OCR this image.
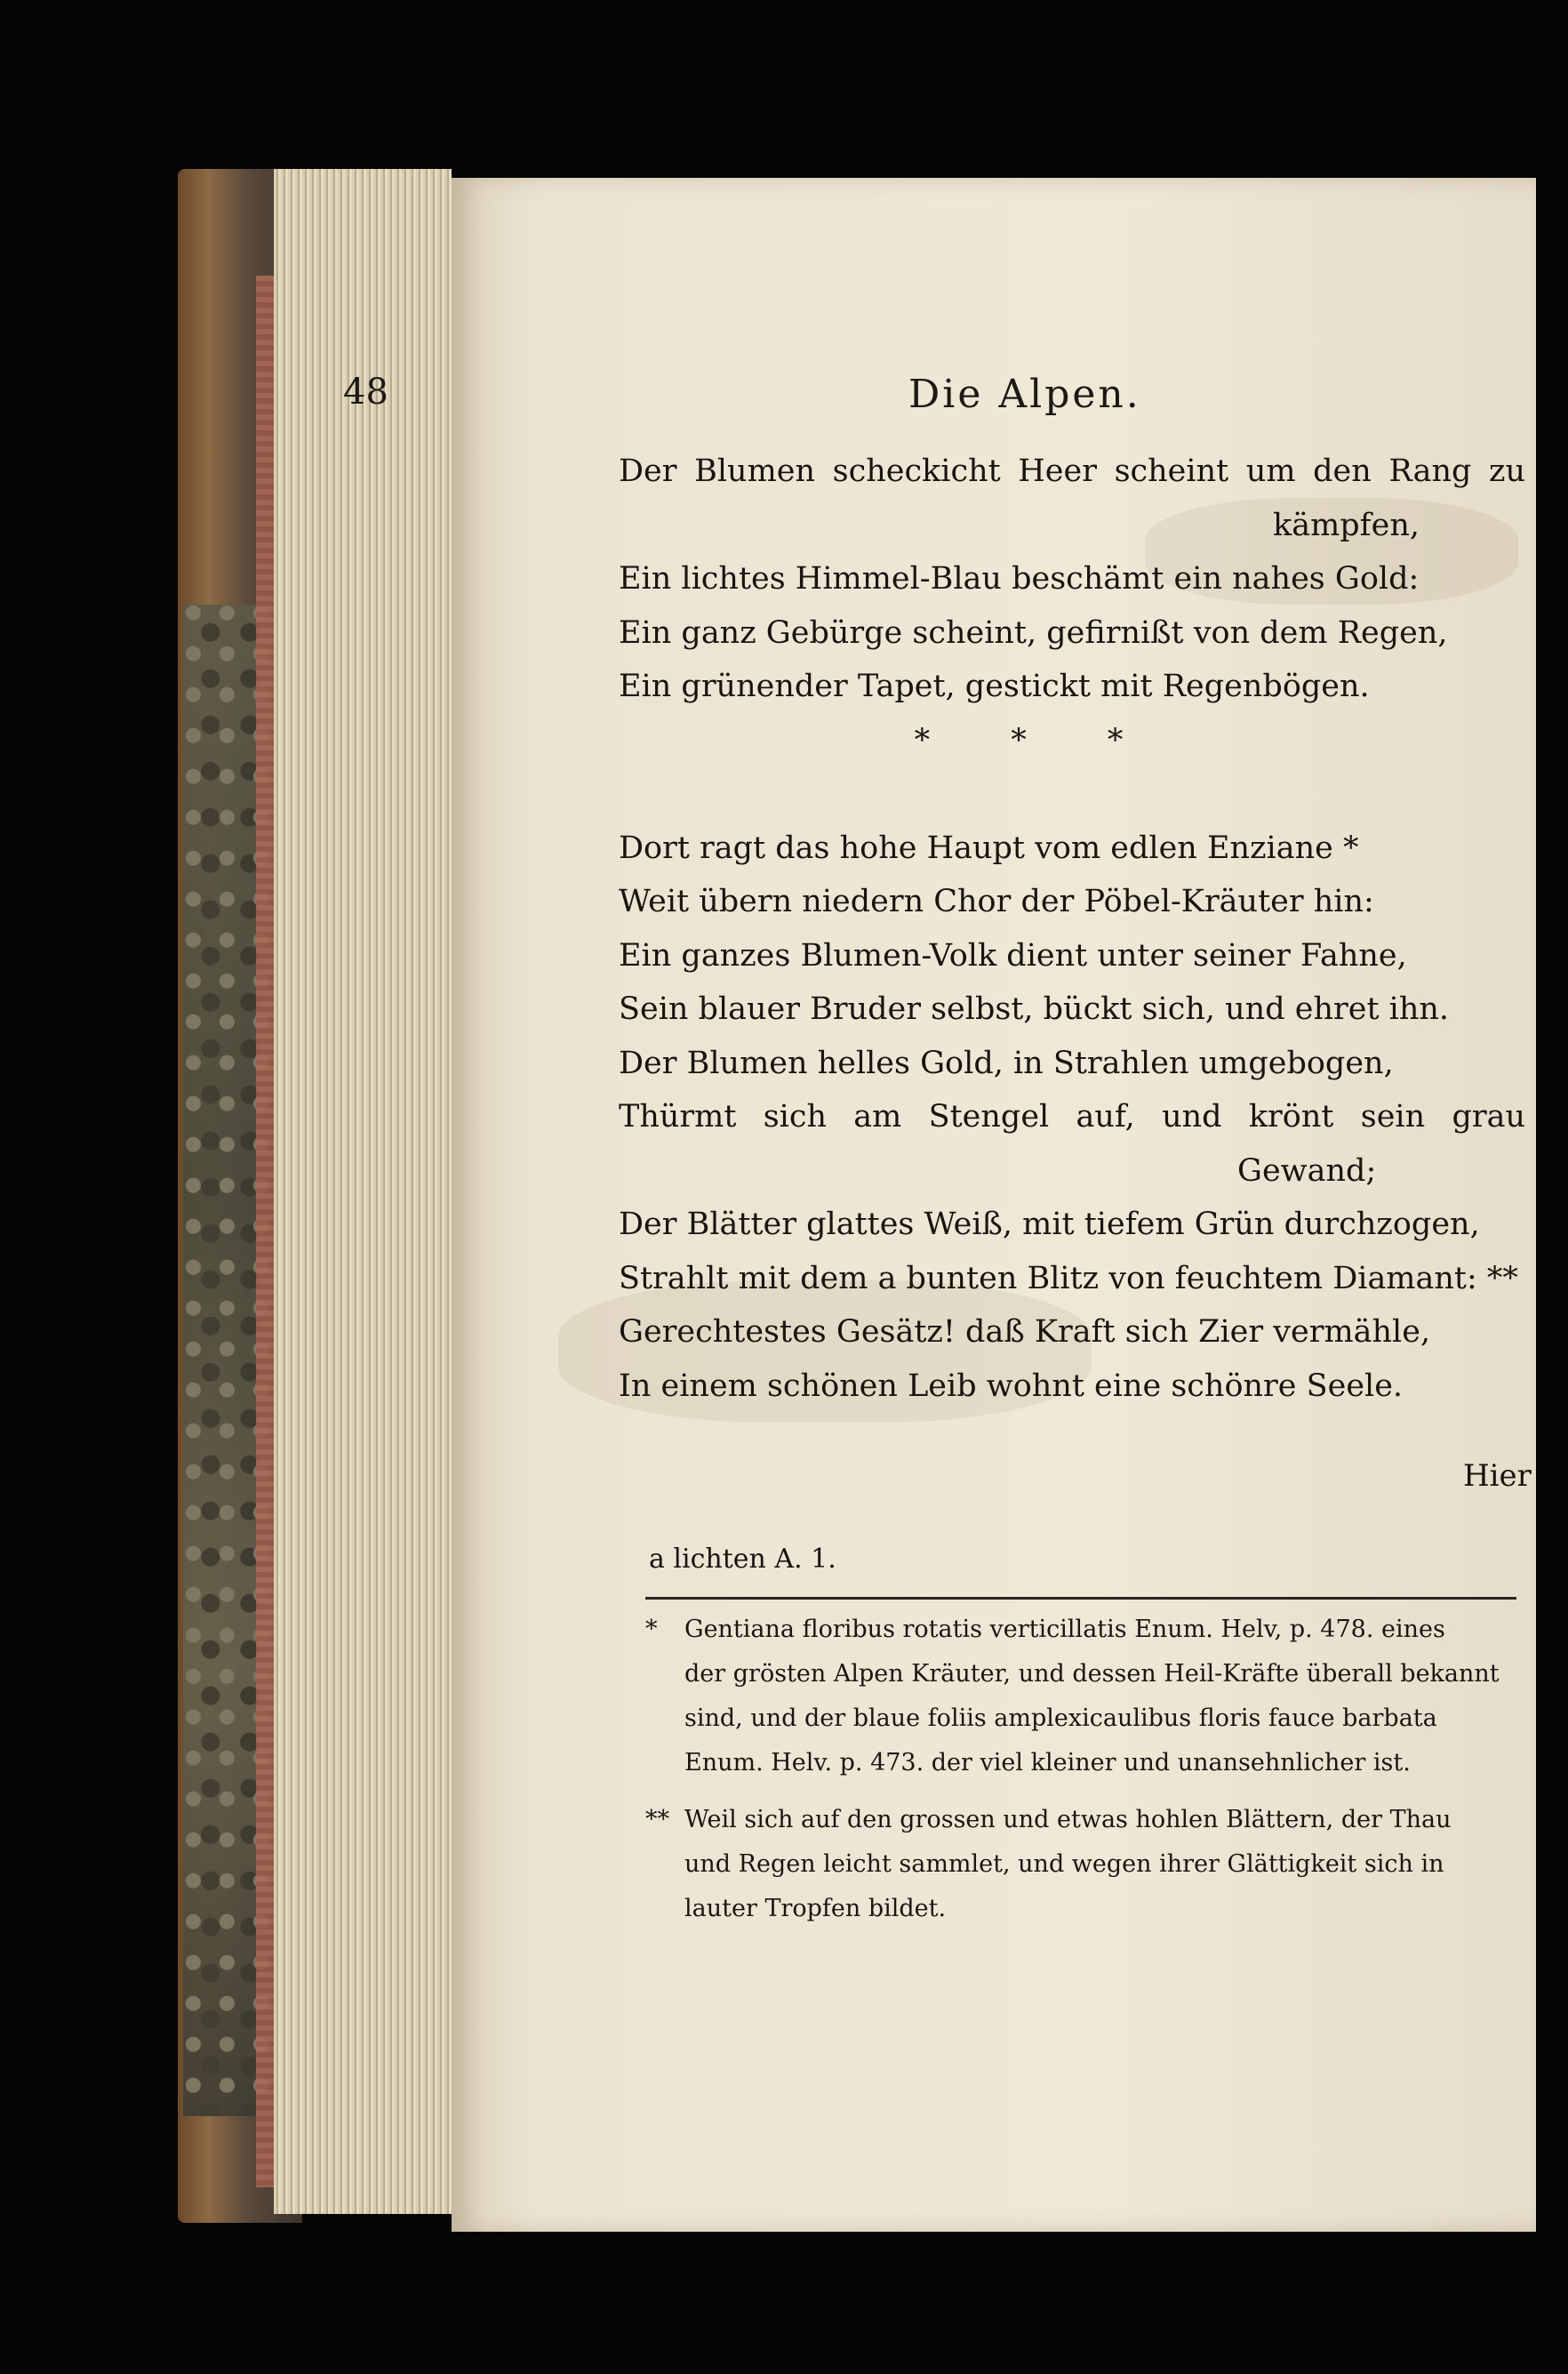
48	Die Alpen.
Der Blumen scheckicht Heer scheint um den Rang zu
kämpfen,
Ein lichtes Himmel-Blau beschämt ein nahes Gold:
Ein ganz Gebürge scheint, gefirnißt von dem Regen,
Ein grünender Tapet, gestickt mit Regenbögen.
* * *
Dort ragt das hohe Haupt vom edlen Enziane *
Weit übern niedern Chor der Pöbel-Kräuter hin:
Ein ganzes Blumen-Volk dient unter seiner Fahne,
Sein blauer Bruder selbst, bückt sich, und ehret ihn.
Der Blumen helles Gold, in Strahlen umgebogen,
Thürmt sich am Stengel auf, und krönt sein grau
Gewand;
Der Blätter glattes Weiß, mit tiefem Grün durchzogen,
Strahlt mit dem a bunten Blitz von feuchtem Diamant: **
Gerechtestes Gesätz! daß Kraft sich Zier vermähle,
In einem schönen Leib wohnt eine schönre Seele.
Hier
a lichten A. 1.
*	Gentiana floribus rotatis verticillatis Enum. Helv, p. 478. eines
der grösten Alpen Kräuter, und dessen Heil-Kräfte überall bekannt
sind, und der blaue foliis amplexicaulibus floris fauce barbata
Enum. Helv. p. 473. der viel kleiner und unansehnlicher ist.
** Weil sich auf den grossen und etwas hohlen Blättern, der Thau
und Regen leicht sammlet, und wegen ihrer Glättigkeit sich in
lauter Tropfen bildet.
